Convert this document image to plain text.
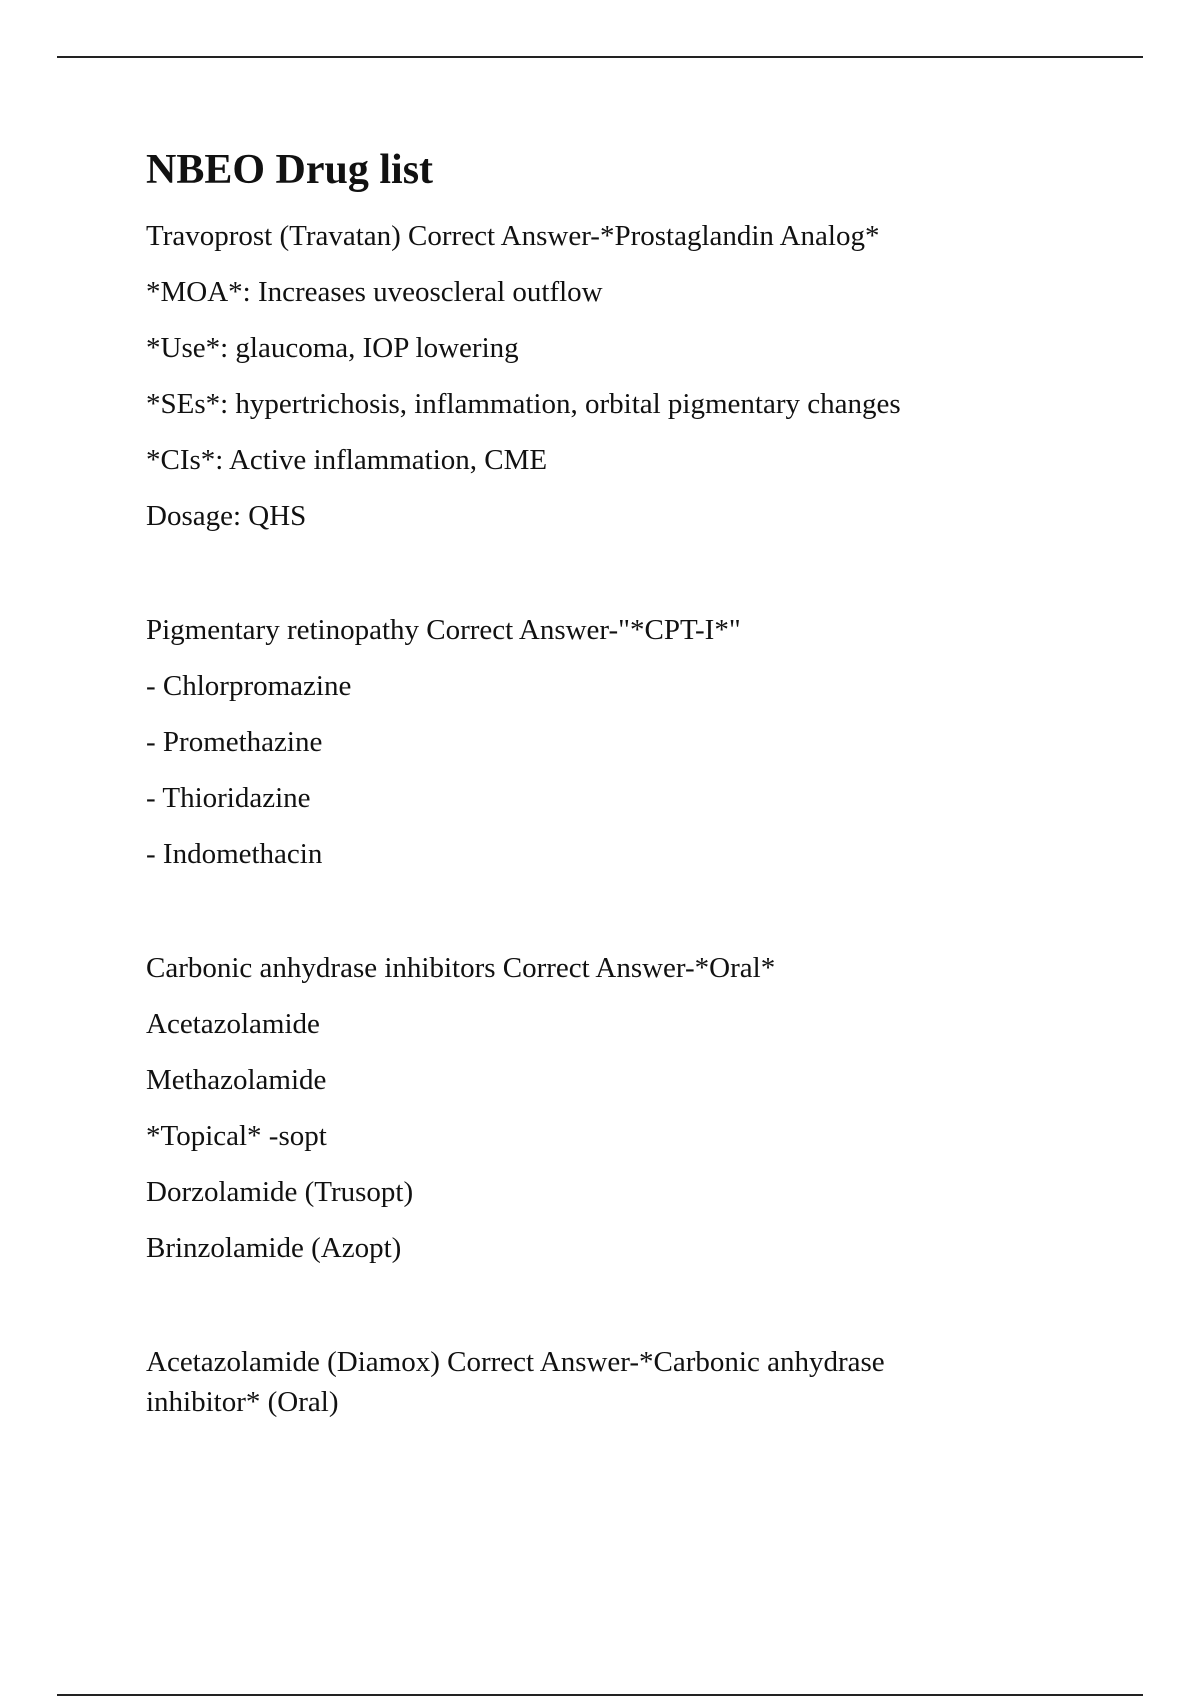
NBEO Drug list
Travoprost (Travatan) Correct Answer-*Prostaglandin Analog*
*MOA*: Increases uveoscleral outflow
*Use*: glaucoma, IOP lowering
*SEs*: hypertrichosis, inflammation, orbital pigmentary changes
*CIs*: Active inflammation, CME
Dosage: QHS
Pigmentary retinopathy Correct Answer-"*CPT-I*"
- Chlorpromazine
- Promethazine
- Thioridazine
- Indomethacin
Carbonic anhydrase inhibitors Correct Answer-*Oral*
Acetazolamide
Methazolamide
*Topical* -sopt
Dorzolamide (Trusopt)
Brinzolamide (Azopt)
Acetazolamide (Diamox) Correct Answer-*Carbonic anhydrase inhibitor* (Oral)
